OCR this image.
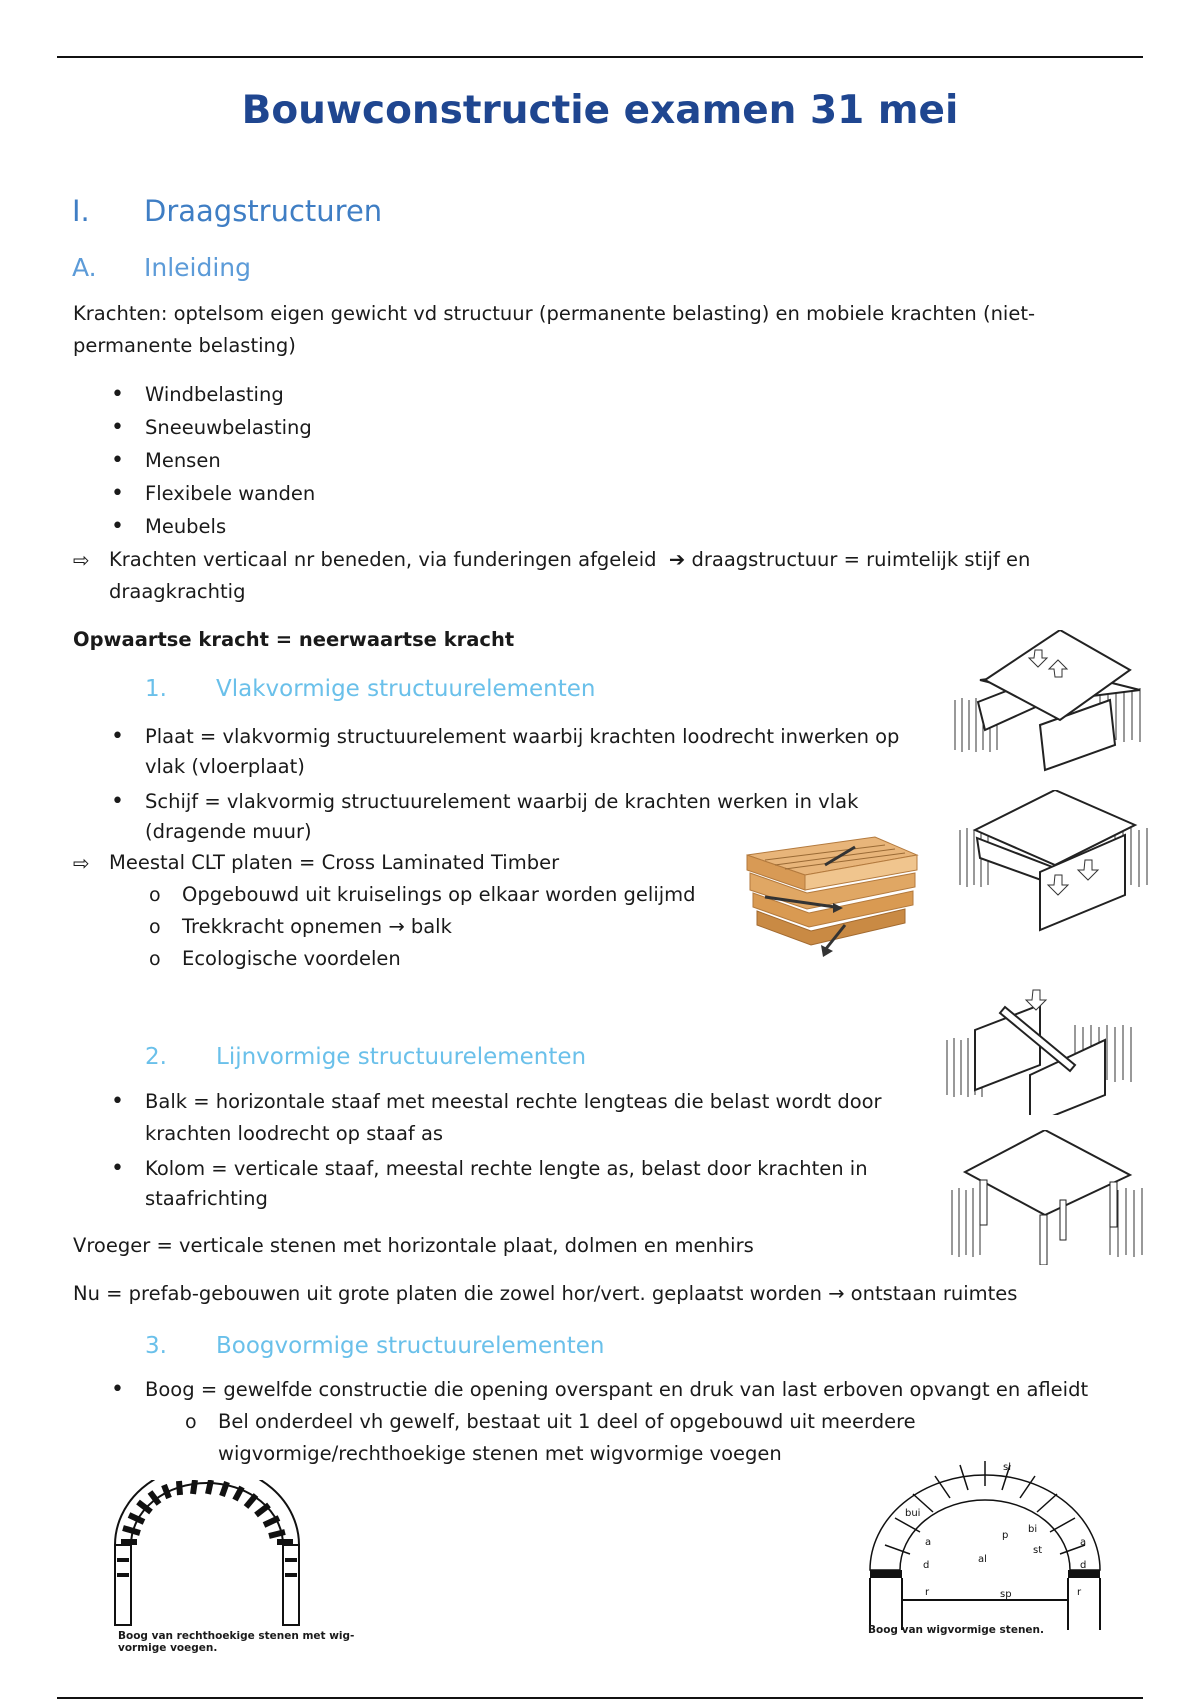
Bouwconstructie examen 31 mei
I. Draagstructuren
A. Inleiding
Krachten: optelsom eigen gewicht vd structuur (permanente belasting) en mobiele krachten (niet-
permanente belasting)
• Windbelasting
• Sneeuwbelasting
• Mensen
• Flexibele wanden
• Meubels
⇨ Krachten verticaal nr beneden, via funderingen afgeleid ➔ draagstructuur = ruimtelijk stijf en
draagkrachtig
Opwaartse kracht = neerwaartse kracht
1. Vlakvormige structuurelementen
• Plaat = vlakvormig structuurelement waarbij krachten loodrecht inwerken op
vlak (vloerplaat)
• Schijf = vlakvormig structuurelement waarbij de krachten werken in vlak
(dragende muur)
⇨ Meestal CLT platen = Cross Laminated Timber
o Opgebouwd uit kruiselings op elkaar worden gelijmd
o Trekkracht opnemen → balk
o Ecologische voordelen
2. Lijnvormige structuurelementen
• Balk = horizontale staaf met meestal rechte lengteas die belast wordt door
krachten loodrecht op staaf as
• Kolom = verticale staaf, meestal rechte lengte as, belast door krachten in
staafrichting
Vroeger = verticale stenen met horizontale plaat, dolmen en menhirs
Nu = prefab-gebouwen uit grote platen die zowel hor/vert. geplaatst worden → ontstaan ruimtes
3. Boogvormige structuurelementen
• Boog = gewelfde constructie die opening overspant en druk van last erboven opvangt en afleidt
o Bel onderdeel vh gewelf, bestaat uit 1 deel of opgebouwd uit meerdere
wigvormige/rechthoekige stenen met wigvormige voegen
Boog van rechthoekige stenen met wig-
vormige voegen.
sl
bui
a
p
bi
st
al
d
a
d
r	r
sp
Boog van wigvormige stenen.
